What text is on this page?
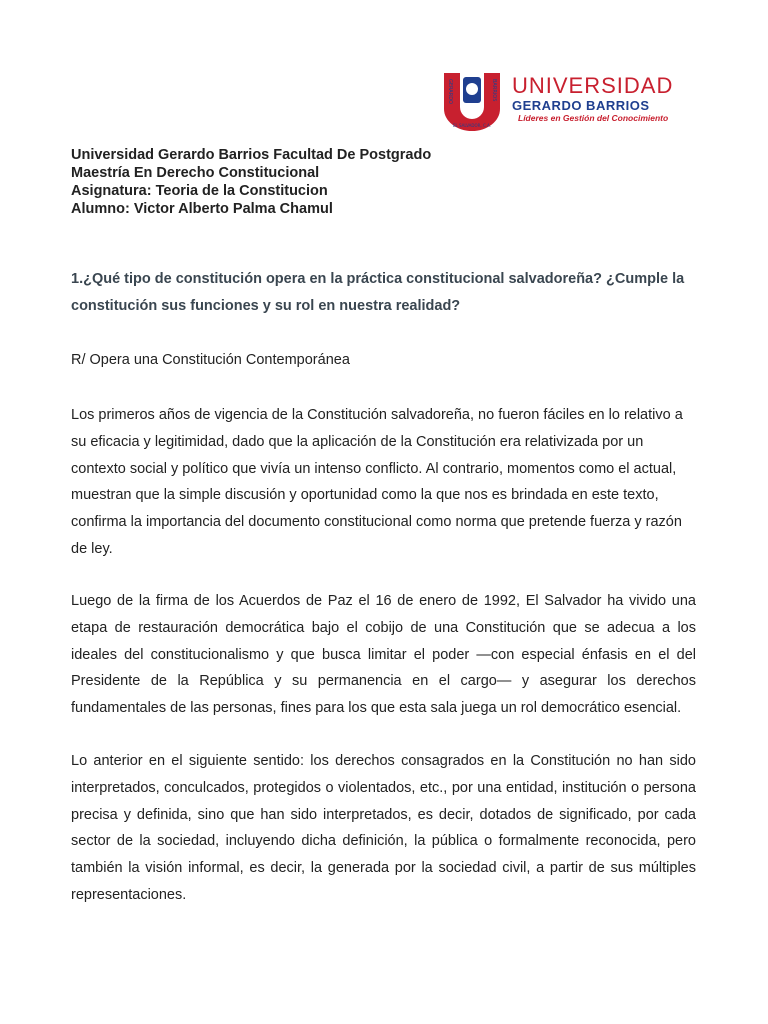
GERARDO	BARRIOS
EL SALVADOR, C.A.
UNIVERSIDAD
GERARDO BARRIOS
Líderes en Gestión del Conocimiento
Universidad Gerardo Barrios Facultad De Postgrado
Maestría En Derecho Constitucional
Asignatura: Teoria de la Constitucion
Alumno: Victor Alberto Palma Chamul

1.¿Qué tipo de constitución opera en la práctica constitucional salvadoreña? ¿Cumple la constitución sus funciones y su rol en nuestra realidad?

R/ Opera una Constitución Contemporánea

Los primeros años de vigencia de la Constitución salvadoreña, no fueron fáciles en lo relativo a su eficacia y legitimidad, dado que la aplicación de la Constitución era relativizada por un contexto social y político que vivía un intenso conflicto. Al contrario, momentos como el actual, muestran que la simple discusión y oportunidad como la que nos es brindada en este texto, confirma la importancia del documento constitucional como norma que pretende fuerza y razón de ley.

Luego de la firma de los Acuerdos de Paz el 16 de enero de 1992, El Salvador ha vivido una etapa de restauración democrática bajo el cobijo de una Constitución que se adecua a los ideales del constitucionalismo y que busca limitar el poder —con especial énfasis en el del Presidente de la República y su permanencia en el cargo— y asegurar los derechos fundamentales de las personas, fines para los que esta sala juega un rol democrático esencial.

Lo anterior en el siguiente sentido: los derechos consagrados en la Constitución no han sido interpretados, conculcados, protegidos o violentados, etc., por una entidad, institución o persona precisa y definida, sino que han sido interpretados, es decir, dotados de significado, por cada sector de la sociedad, incluyendo dicha definición, la pública o formalmente reconocida, pero también la visión informal, es decir, la generada por la sociedad civil, a partir de sus múltiples representaciones.
